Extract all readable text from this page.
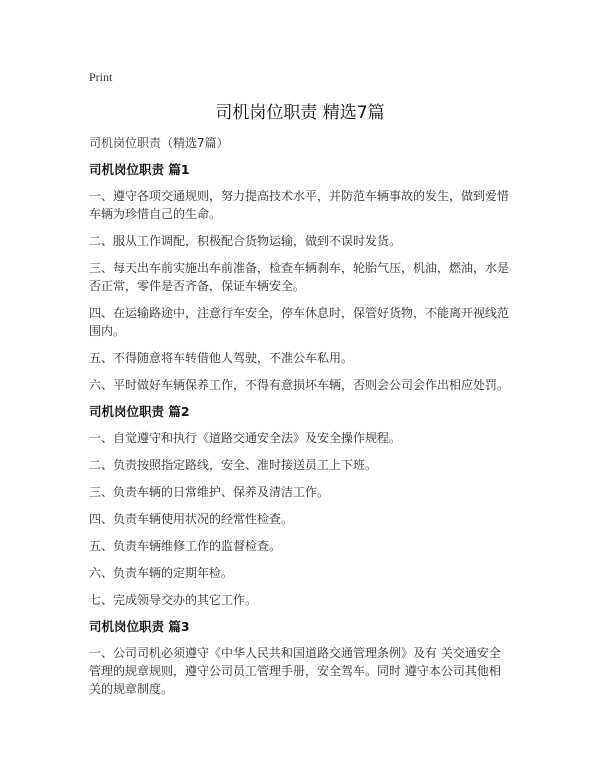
Print
司机岗位职责 精选7篇

司机岗位职责（精选7篇）

司机岗位职责 篇1

一、遵守各项交通规则，努力提高技术水平，并防范车辆事故的发生，做到爱惜车辆为珍惜自己的生命。

二、服从工作调配，积极配合货物运输，做到不误时发货。

三、每天出车前实施出车前准备，检查车辆刹车，轮胎气压，机油，燃油，水是否正常，零件是否齐备，保证车辆安全。

四、在运输路途中，注意行车安全，停车休息时，保管好货物，不能离开视线范围内。

五、不得随意将车转借他人驾驶，不准公车私用。

六、平时做好车辆保养工作，不得有意损坏车辆，否则会公司会作出相应处罚。

司机岗位职责 篇2

一、自觉遵守和执行《道路交通安全法》及安全操作规程。

二、负责按照指定路线，安全、准时接送员工上下班。

三、负责车辆的日常维护、保养及清洁工作。

四、负责车辆使用状况的经常性检查。

五、负责车辆维修工作的监督检查。

六、负责车辆的定期年检。

七、完成领导交办的其它工作。

司机岗位职责 篇3

一、公司司机必须遵守《中华人民共和国道路交通管理条例》及有 关交通安全管理的规章规则，遵守公司员工管理手册，安全驾车。同时 遵守本公司其他相关的规章制度。
